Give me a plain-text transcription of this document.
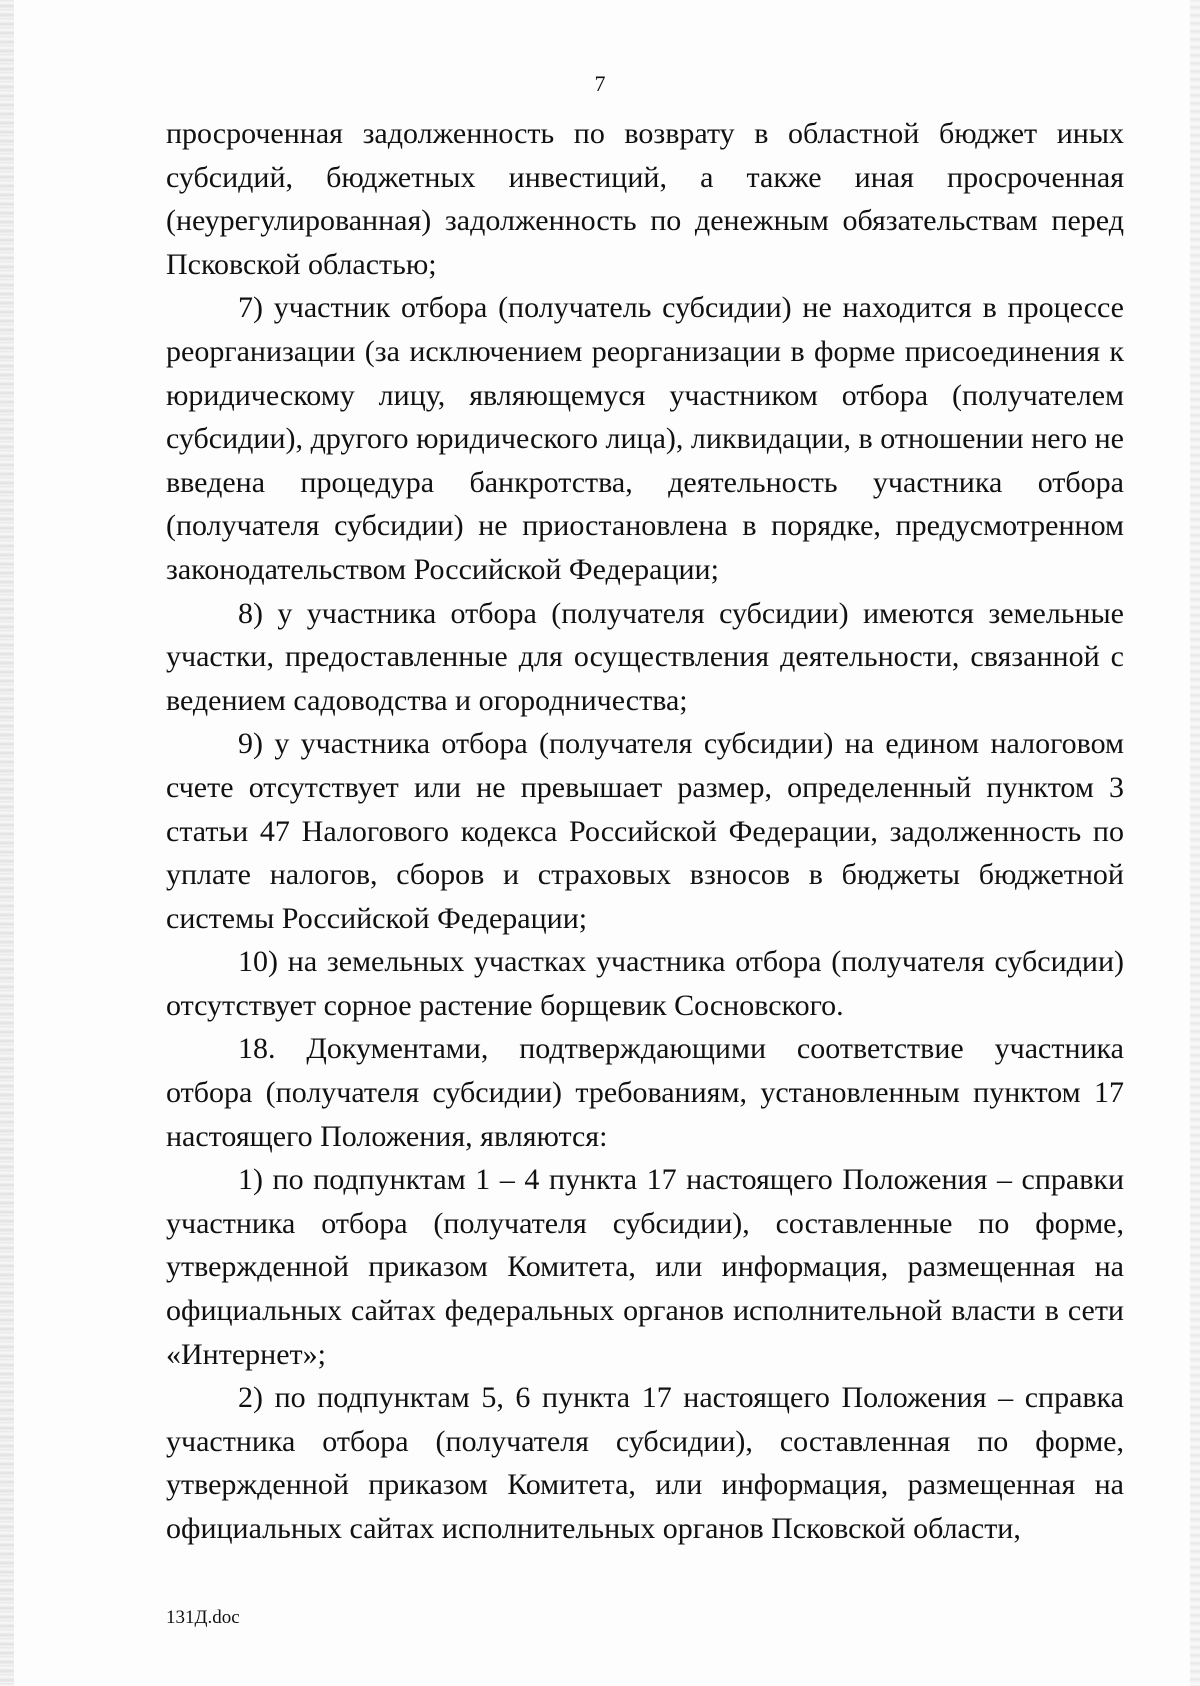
7

просроченная задолженность по возврату в областной бюджет иных субсидий, бюджетных инвестиций, а также иная просроченная (неурегулированная) задолженность по денежным обязательствам перед Псковской областью;

7) участник отбора (получатель субсидии) не находится в процессе реорганизации (за исключением реорганизации в форме присоединения к юридическому лицу, являющемуся участником отбора (получателем субсидии), другого юридического лица), ликвидации, в отношении него не введена процедура банкротства, деятельность участника отбора (получателя субсидии) не приостановлена в порядке, предусмотренном законодательством Российской Федерации;

8) у участника отбора (получателя субсидии) имеются земельные участки, предоставленные для осуществления деятельности, связанной с ведением садоводства и огородничества;

9) у участника отбора (получателя субсидии) на едином налоговом счете отсутствует или не превышает размер, определенный пунктом 3 статьи 47 Налогового кодекса Российской Федерации, задолженность по уплате налогов, сборов и страховых взносов в бюджеты бюджетной системы Российской Федерации;

10) на земельных участках участника отбора (получателя субсидии) отсутствует сорное растение борщевик Сосновского.

18. Документами, подтверждающими соответствие участника отбора (получателя субсидии) требованиям, установленным пунктом 17 настоящего Положения, являются:

1) по подпунктам 1 – 4 пункта 17 настоящего Положения – справки участника отбора (получателя субсидии), составленные по форме, утвержденной приказом Комитета, или информация, размещенная на официальных сайтах федеральных органов исполнительной власти в сети «Интернет»;

2) по подпунктам 5, 6 пункта 17 настоящего Положения – справка участника отбора (получателя субсидии), составленная по форме, утвержденной приказом Комитета, или информация, размещенная на официальных сайтах исполнительных органов Псковской области,

131Д.doc
